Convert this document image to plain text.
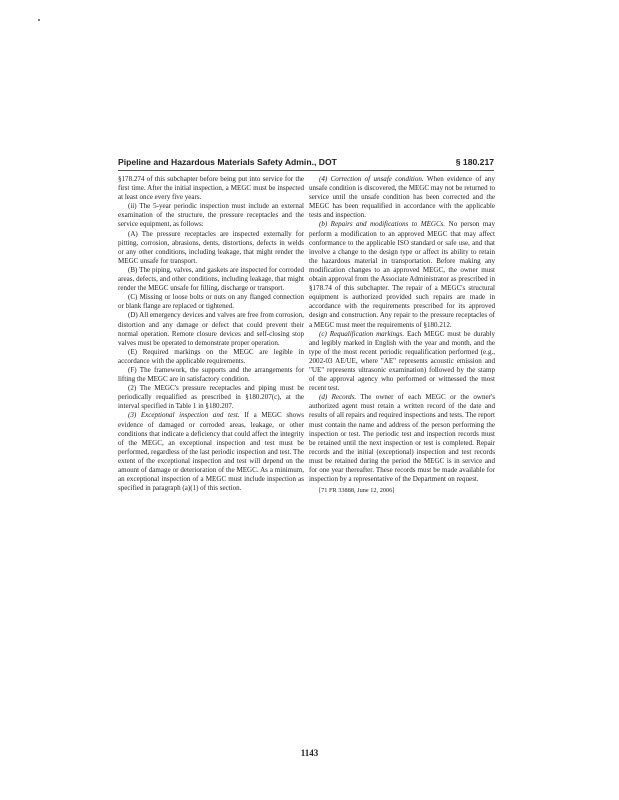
Pipeline and Hazardous Materials Safety Admin., DOT	§ 180.217

§178.274 of this subchapter before being put into service for the first time. After the initial inspection, a MEGC must be inspected at least once every five years.

(ii) The 5-year periodic inspection must include an external examination of the structure, the pressure receptacles and the service equipment, as follows:

(A) The pressure receptacles are inspected externally for pitting, corrosion, abrasions, dents, distortions, defects in welds or any other conditions, including leakage, that might render the MEGC unsafe for transport.

(B) The piping, valves, and gaskets are inspected for corroded areas, defects, and other conditions, including leakage, that might render the MEGC unsafe for filling, discharge or transport.

(C) Missing or loose bolts or nuts on any flanged connection or blank flange are replaced or tightened.

(D) All emergency devices and valves are free from corrosion, distortion and any damage or defect that could prevent their normal operation. Remote closure devices and self-closing stop valves must be operated to demonstrate proper operation.

(E) Required markings on the MEGC are legible in accordance with the applicable requirements.

(F) The framework, the supports and the arrangements for lifting the MEGC are in satisfactory condition.

(2) The MEGC's pressure receptacles and piping must be periodically requalified as prescribed in §180.207(c), at the interval specified in Table 1 in §180.207.

(3) Exceptional inspection and test. If a MEGC shows evidence of damaged or corroded areas, leakage, or other conditions that indicate a deficiency that could affect the integrity of the MEGC, an exceptional inspection and test must be performed, regardless of the last periodic inspection and test. The extent of the exceptional inspection and test will depend on the amount of damage or deterioration of the MEGC. As a minimum, an exceptional inspection of a MEGC must include inspection as specified in paragraph (a)(1) of this section.

(4) Correction of unsafe condition. When evidence of any unsafe condition is discovered, the MEGC may not be returned to service until the unsafe condition has been corrected and the MEGC has been requalified in accordance with the applicable tests and inspection.

(b) Repairs and modifications to MEGCs. No person may perform a modification to an approved MEGC that may affect conformance to the applicable ISO standard or safe use, and that involve a change to the design type or affect its ability to retain the hazardous material in transportation. Before making any modification changes to an approved MEGC, the owner must obtain approval from the Associate Administrator as prescribed in §178.74 of this subchapter. The repair of a MEGC's structural equipment is authorized provided such repairs are made in accordance with the requirements prescribed for its approved design and construction. Any repair to the pressure receptacles of a MEGC must meet the requirements of §180.212.

(c) Requalification markings. Each MEGC must be durably and legibly marked in English with the year and month, and the type of the most recent periodic requalification performed (e.g., 2002-03 AE/UE, where "AE" represents acoustic emission and "UE" represents ultrasonic examination) followed by the stamp of the approval agency who performed or witnessed the most recent test.

(d) Records. The owner of each MEGC or the owner's authorized agent must retain a written record of the date and results of all repairs and required inspections and tests. The report must contain the name and address of the person performing the inspection or test. The periodic test and inspection records must be retained until the next inspection or test is completed. Repair records and the initial (exceptional) inspection and test records must be retained during the period the MEGC is in service and for one year thereafter. These records must be made available for inspection by a representative of the Department on request.

[71 FR 33888, June 12, 2006]

1143
